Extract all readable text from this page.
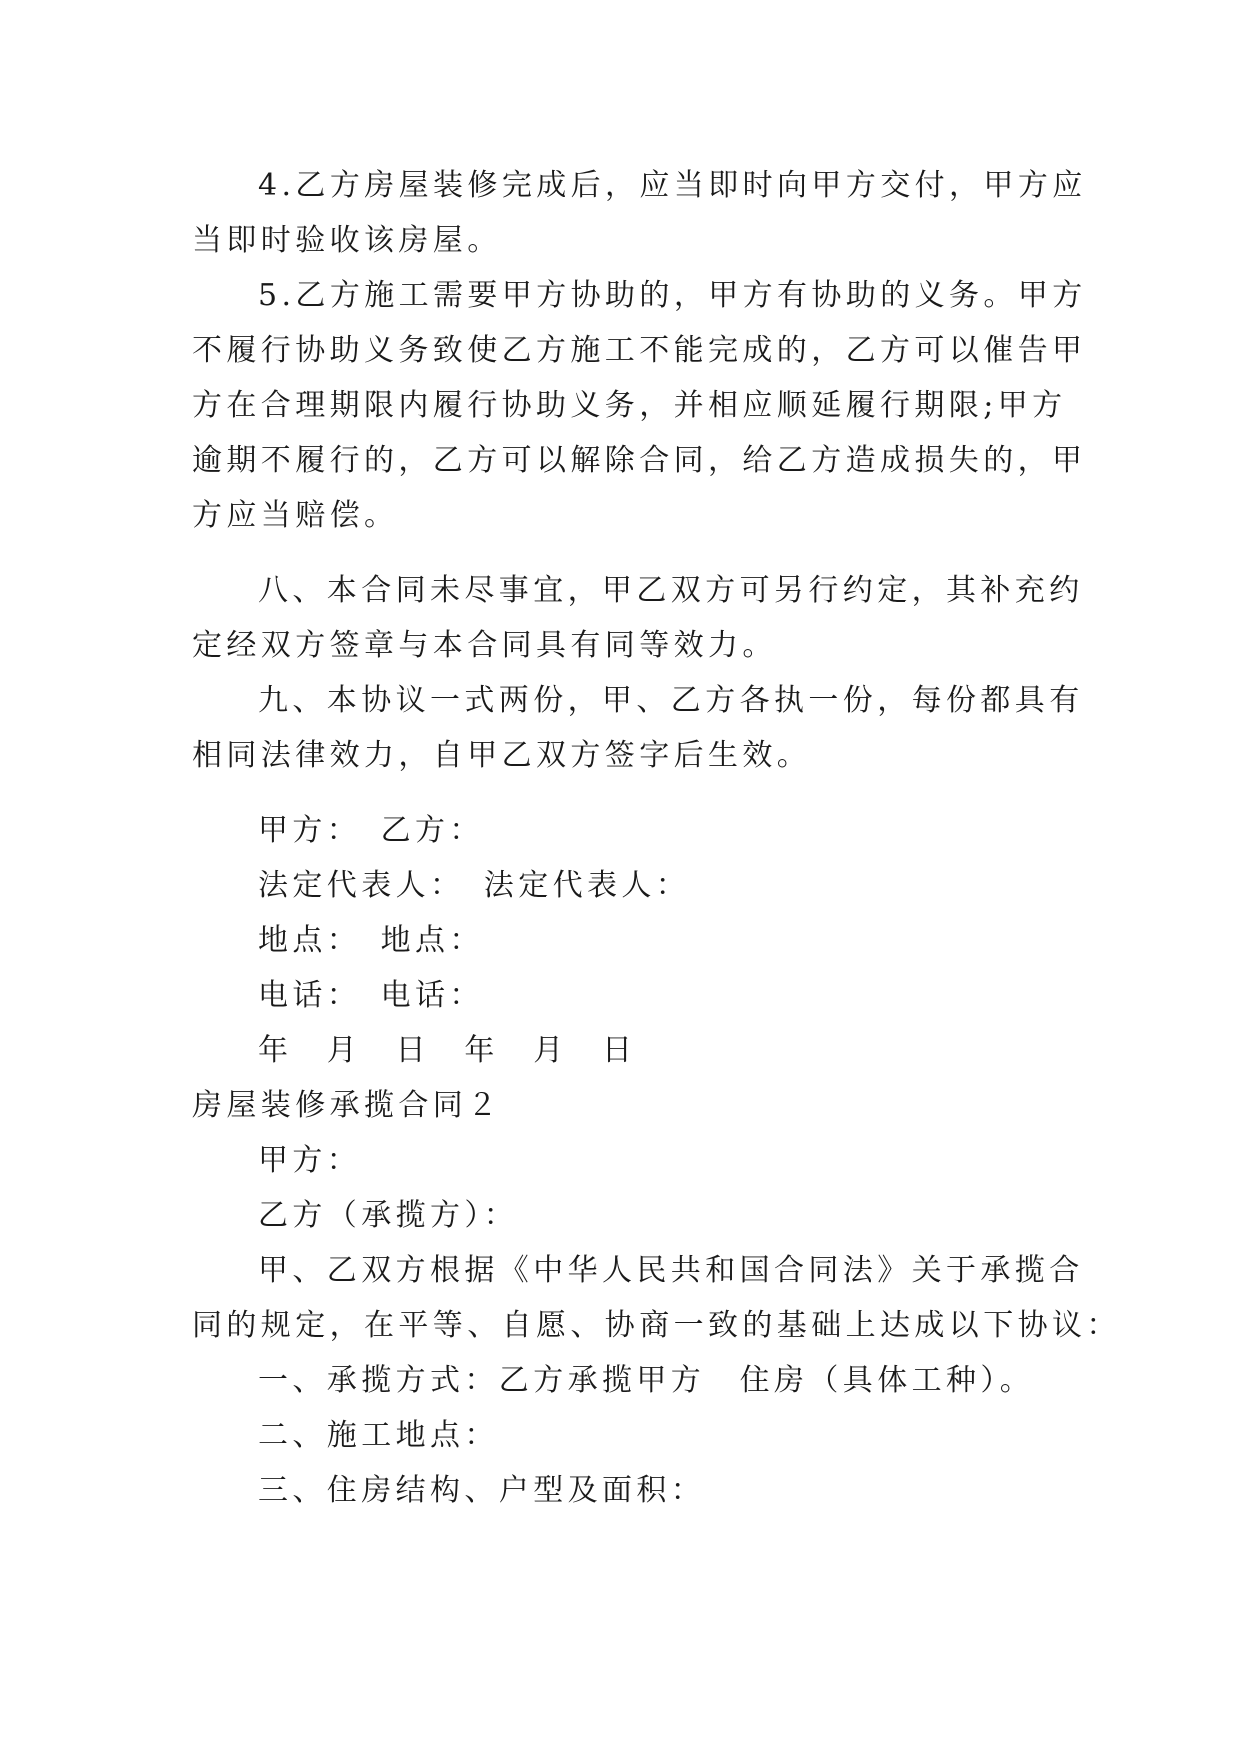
4.乙方房屋装修完成后，应当即时向甲方交付，甲方应
当即时验收该房屋。
5.乙方施工需要甲方协助的，甲方有协助的义务。甲方
不履行协助义务致使乙方施工不能完成的，乙方可以催告甲
方在合理期限内履行协助义务，并相应顺延履行期限;甲方
逾期不履行的，乙方可以解除合同，给乙方造成损失的，甲
方应当赔偿。
八、本合同未尽事宜，甲乙双方可另行约定，其补充约
定经双方签章与本合同具有同等效力。
九、本协议一式两份，甲、乙方各执一份，每份都具有
相同法律效力，自甲乙双方签字后生效。
甲方：　乙方：
法定代表人：　法定代表人：
地点：　地点：
电话：　电话：
年　月　日　年　月　日
房屋装修承揽合同２
甲方：
乙方（承揽方）：
甲、乙双方根据《中华人民共和国合同法》关于承揽合
同的规定，在平等、自愿、协商一致的基础上达成以下协议：
一、承揽方式：乙方承揽甲方　住房（具体工种）。
二、施工地点：
三、住房结构、户型及面积：
